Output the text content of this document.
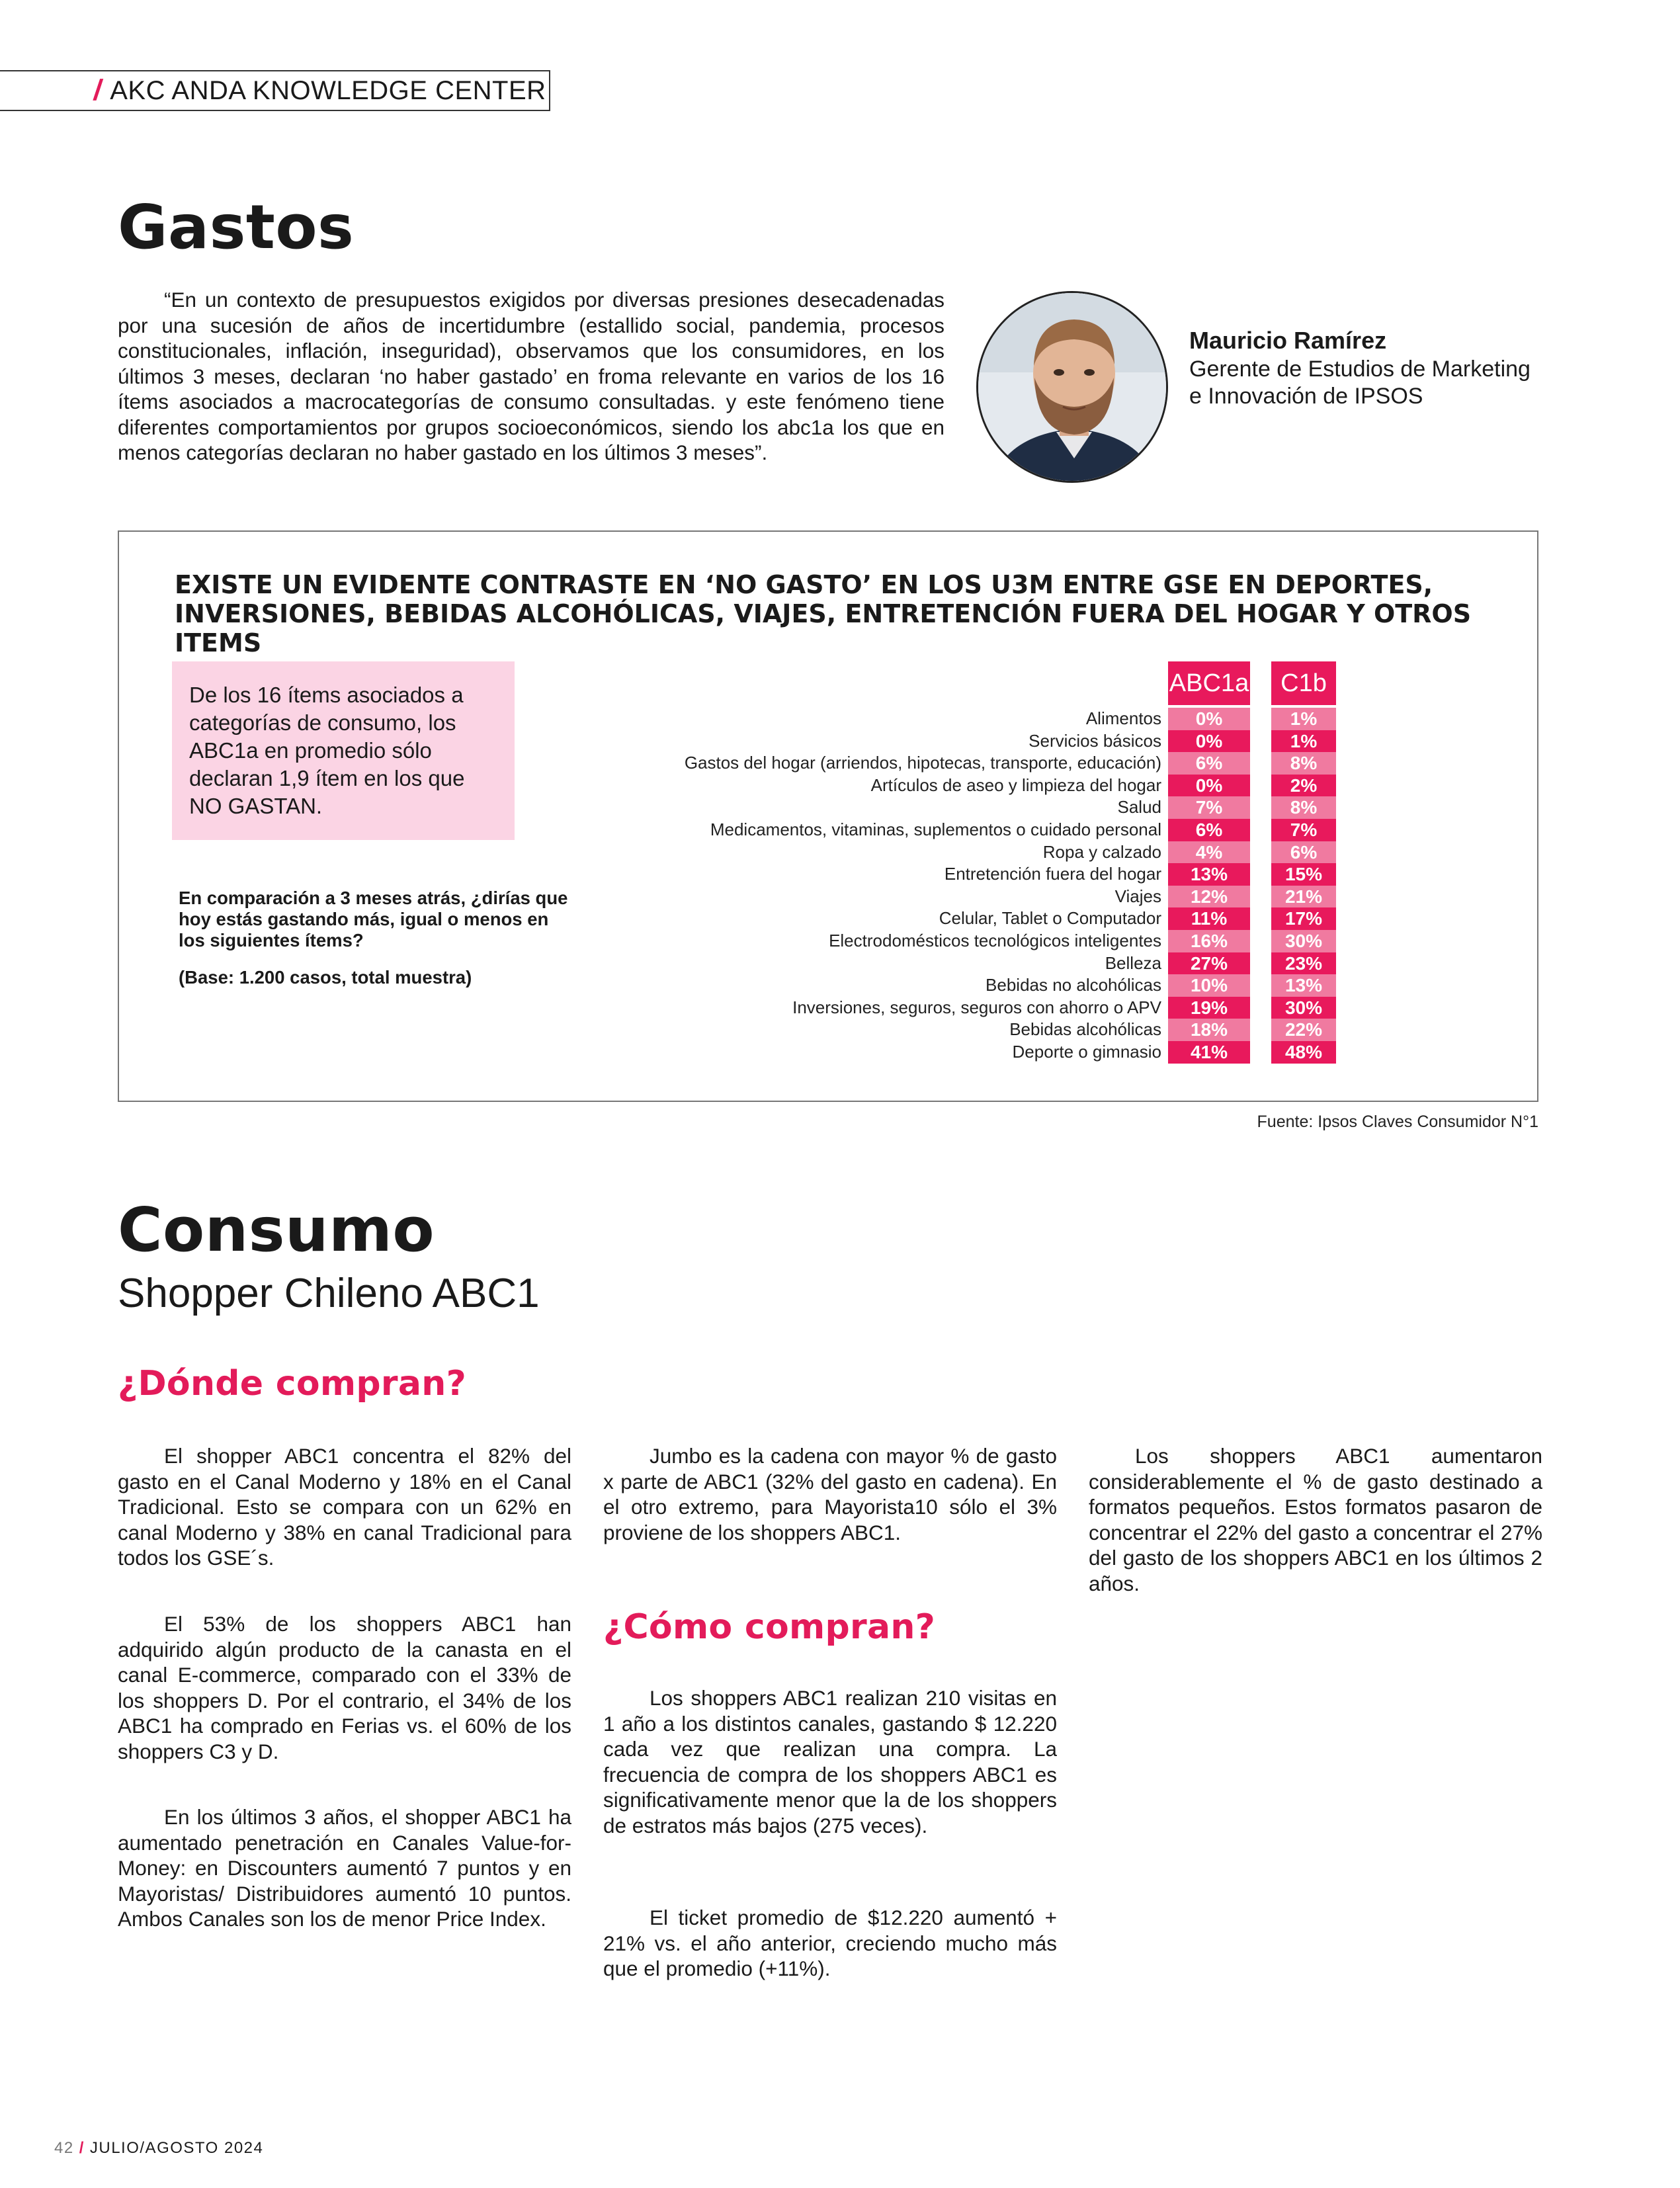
/ AKC ANDA KNOWLEDGE CENTER
Gastos
“En un contexto de presupuestos exigidos por diversas presiones desecadenadas por una sucesión de años de incertidumbre (estallido social, pandemia, procesos constitucionales, inflación, inseguridad), observamos que los consumidores, en los últimos 3 meses, declaran ‘no haber gastado’ en froma relevante en varios de los 16 ítems asociados a macrocategorías de consumo consultadas. y este fenómeno tiene diferentes comportamientos por grupos socioeconómicos, siendo los abc1a los que en menos categorías declaran no haber gastado en los últimos 3 meses”.
Mauricio Ramírez
Gerente de Estudios de Marketing e Innovación de IPSOS
EXISTE UN EVIDENTE CONTRASTE EN ‘NO GASTO’ EN LOS U3M ENTRE GSE EN DEPORTES, INVERSIONES, BEBIDAS ALCOHÓLICAS, VIAJES, ENTRETENCIÓN FUERA DEL HOGAR Y OTROS ITEMS
De los 16 ítems asociados a categorías de consumo, los ABC1a en promedio sólo declaran 1,9 ítem en los que NO GASTAN.
En comparación a 3 meses atrás, ¿dirías que hoy estás gastando más, igual o menos en los siguientes ítems?
(Base: 1.200 casos, total muestra)
ABC1a	C1b
Alimentos	0%	1%
Servicios básicos	0%	1%
Gastos del hogar (arriendos, hipotecas, transporte, educación)	6%	8%
Artículos de aseo y limpieza del hogar	0%	2%
Salud	7%	8%
Medicamentos, vitaminas, suplementos o cuidado personal	6%	7%
Ropa y calzado	4%	6%
Entretención fuera del hogar	13%	15%
Viajes	12%	21%
Celular, Tablet o Computador	11%	17%
Electrodomésticos tecnológicos inteligentes	16%	30%
Belleza	27%	23%
Bebidas no alcohólicas	10%	13%
Inversiones, seguros, seguros con ahorro o APV	19%	30%
Bebidas alcohólicas	18%	22%
Deporte o gimnasio	41%	48%
Fuente: Ipsos Claves Consumidor N°1
Consumo
Shopper Chileno ABC1
¿Dónde compran?
¿Cómo compran?
El shopper ABC1 concentra el 82% del gasto en el Canal Moderno y 18% en el Canal Tradicional. Esto se compara con un 62% en canal Moderno y 38% en canal Tradicional para todos los GSE´s.
El 53% de los shoppers ABC1 han adquirido algún producto de la canasta en el canal E-commerce, comparado con el 33% de los shoppers D. Por el contrario, el 34% de los ABC1 ha comprado en Ferias vs. el 60% de los shoppers C3 y D.
En los últimos 3 años, el shopper ABC1 ha aumentado penetración en Canales Value-for-Money: en Discounters aumentó 7 puntos y en Mayoristas/ Distribuidores aumentó 10 puntos. Ambos Canales son los de menor Price Index.
Jumbo es la cadena con mayor % de gasto x parte de ABC1 (32% del gasto en cadena). En el otro extremo, para Mayorista10 sólo el 3% proviene de los shoppers ABC1.
Los shoppers ABC1 realizan 210 visitas en 1 año a los distintos canales, gastando $ 12.220 cada vez que realizan una compra. La frecuencia de compra de los shoppers ABC1 es significativamente menor que la de los shoppers de estratos más bajos (275 veces).
El ticket promedio de $12.220 aumentó + 21% vs. el año anterior, creciendo mucho más que el promedio (+11%).
Los shoppers ABC1 aumentaron considerablemente el % de gasto destinado a formatos pequeños. Estos formatos pasaron de concentrar el 22% del gasto a concentrar el 27% del gasto de los shoppers ABC1 en los últimos 2 años.
42 / JULIO/AGOSTO 2024
